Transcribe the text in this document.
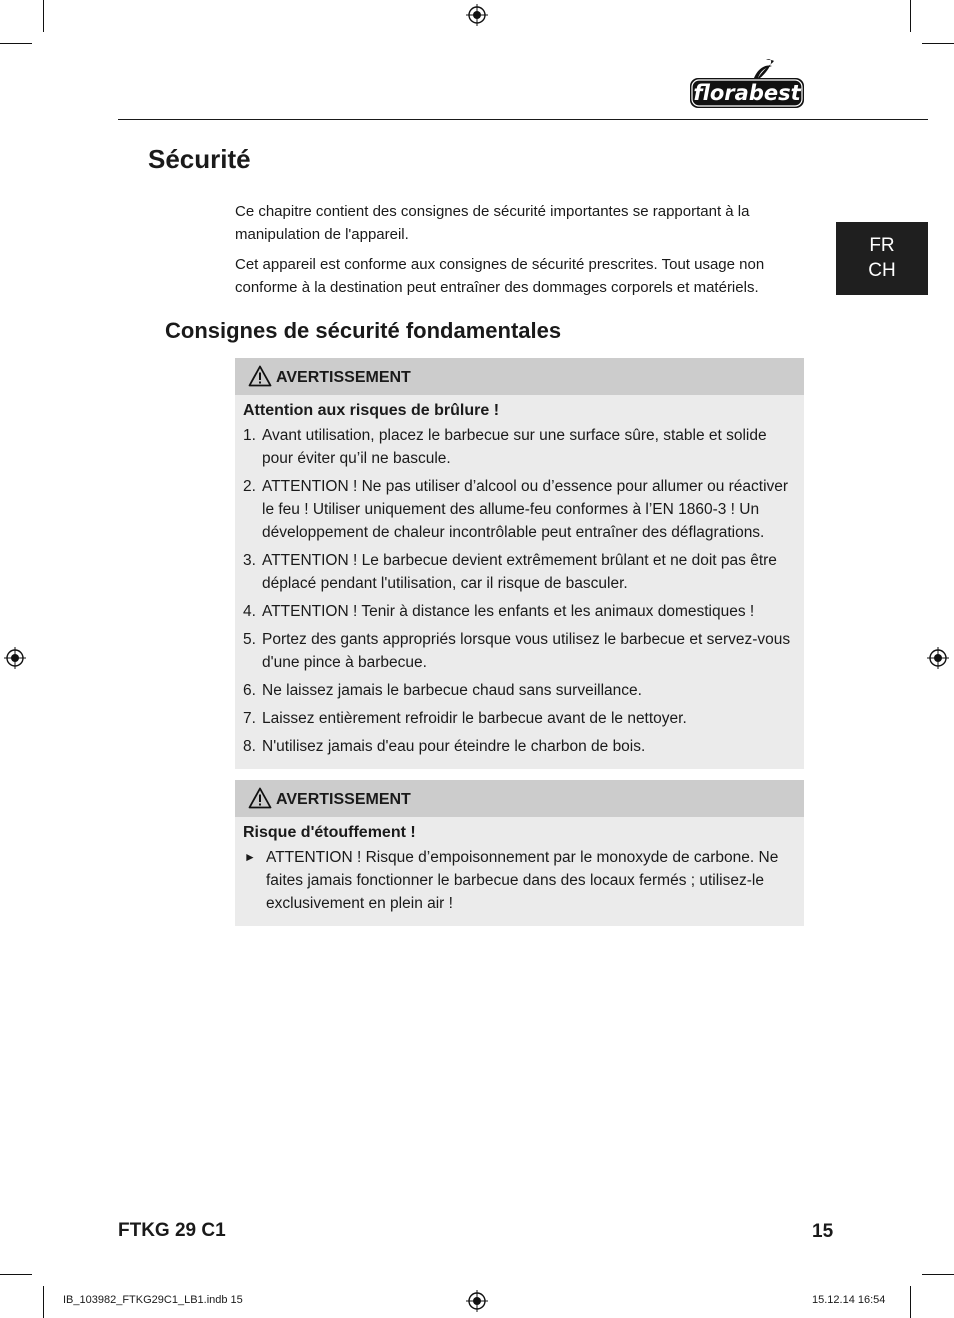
florabest
Sécurité
FR
CH

Ce chapitre contient des consignes de sécurité importantes se rapportant à la manipulation de l'appareil.

Cet appareil est conforme aux consignes de sécurité prescrites. Tout usage non conforme à la destination peut entraîner des dommages corporels et matériels.

Consignes de sécurité fondamentales
AVERTISSEMENT
Attention aux risques de brûlure !
1. Avant utilisation, placez le barbecue sur une surface sûre, stable et solide pour éviter qu’il ne bascule.
2. ATTENTION ! Ne pas utiliser d’alcool ou d’essence pour allumer ou réactiver le feu ! Utiliser uniquement des allume-feu conformes à l’EN 1860-3 ! Un développement de chaleur incontrôlable peut entraîner des déflagrations.
3. ATTENTION ! Le barbecue devient extrêmement brûlant et ne doit pas être déplacé pendant l'utilisation, car il risque de basculer.
4. ATTENTION ! Tenir à distance les enfants et les animaux domestiques !
5. Portez des gants appropriés lorsque vous utilisez le barbecue et servez-vous d'une pince à barbecue.
6. Ne laissez jamais le barbecue chaud sans surveillance.
7. Laissez entièrement refroidir le barbecue avant de le nettoyer.
8. N'utilisez jamais d'eau pour éteindre le charbon de bois.
AVERTISSEMENT
Risque d'étouffement !
► ATTENTION ! Risque d’empoisonnement par le monoxyde de carbone. Ne faites jamais fonctionner le barbecue dans des locaux fermés ; utilisez-le exclusivement en plein air !
FTKG 29 C1	15
IB_103982_FTKG29C1_LB1.indb 15	15.12.14 16:54
